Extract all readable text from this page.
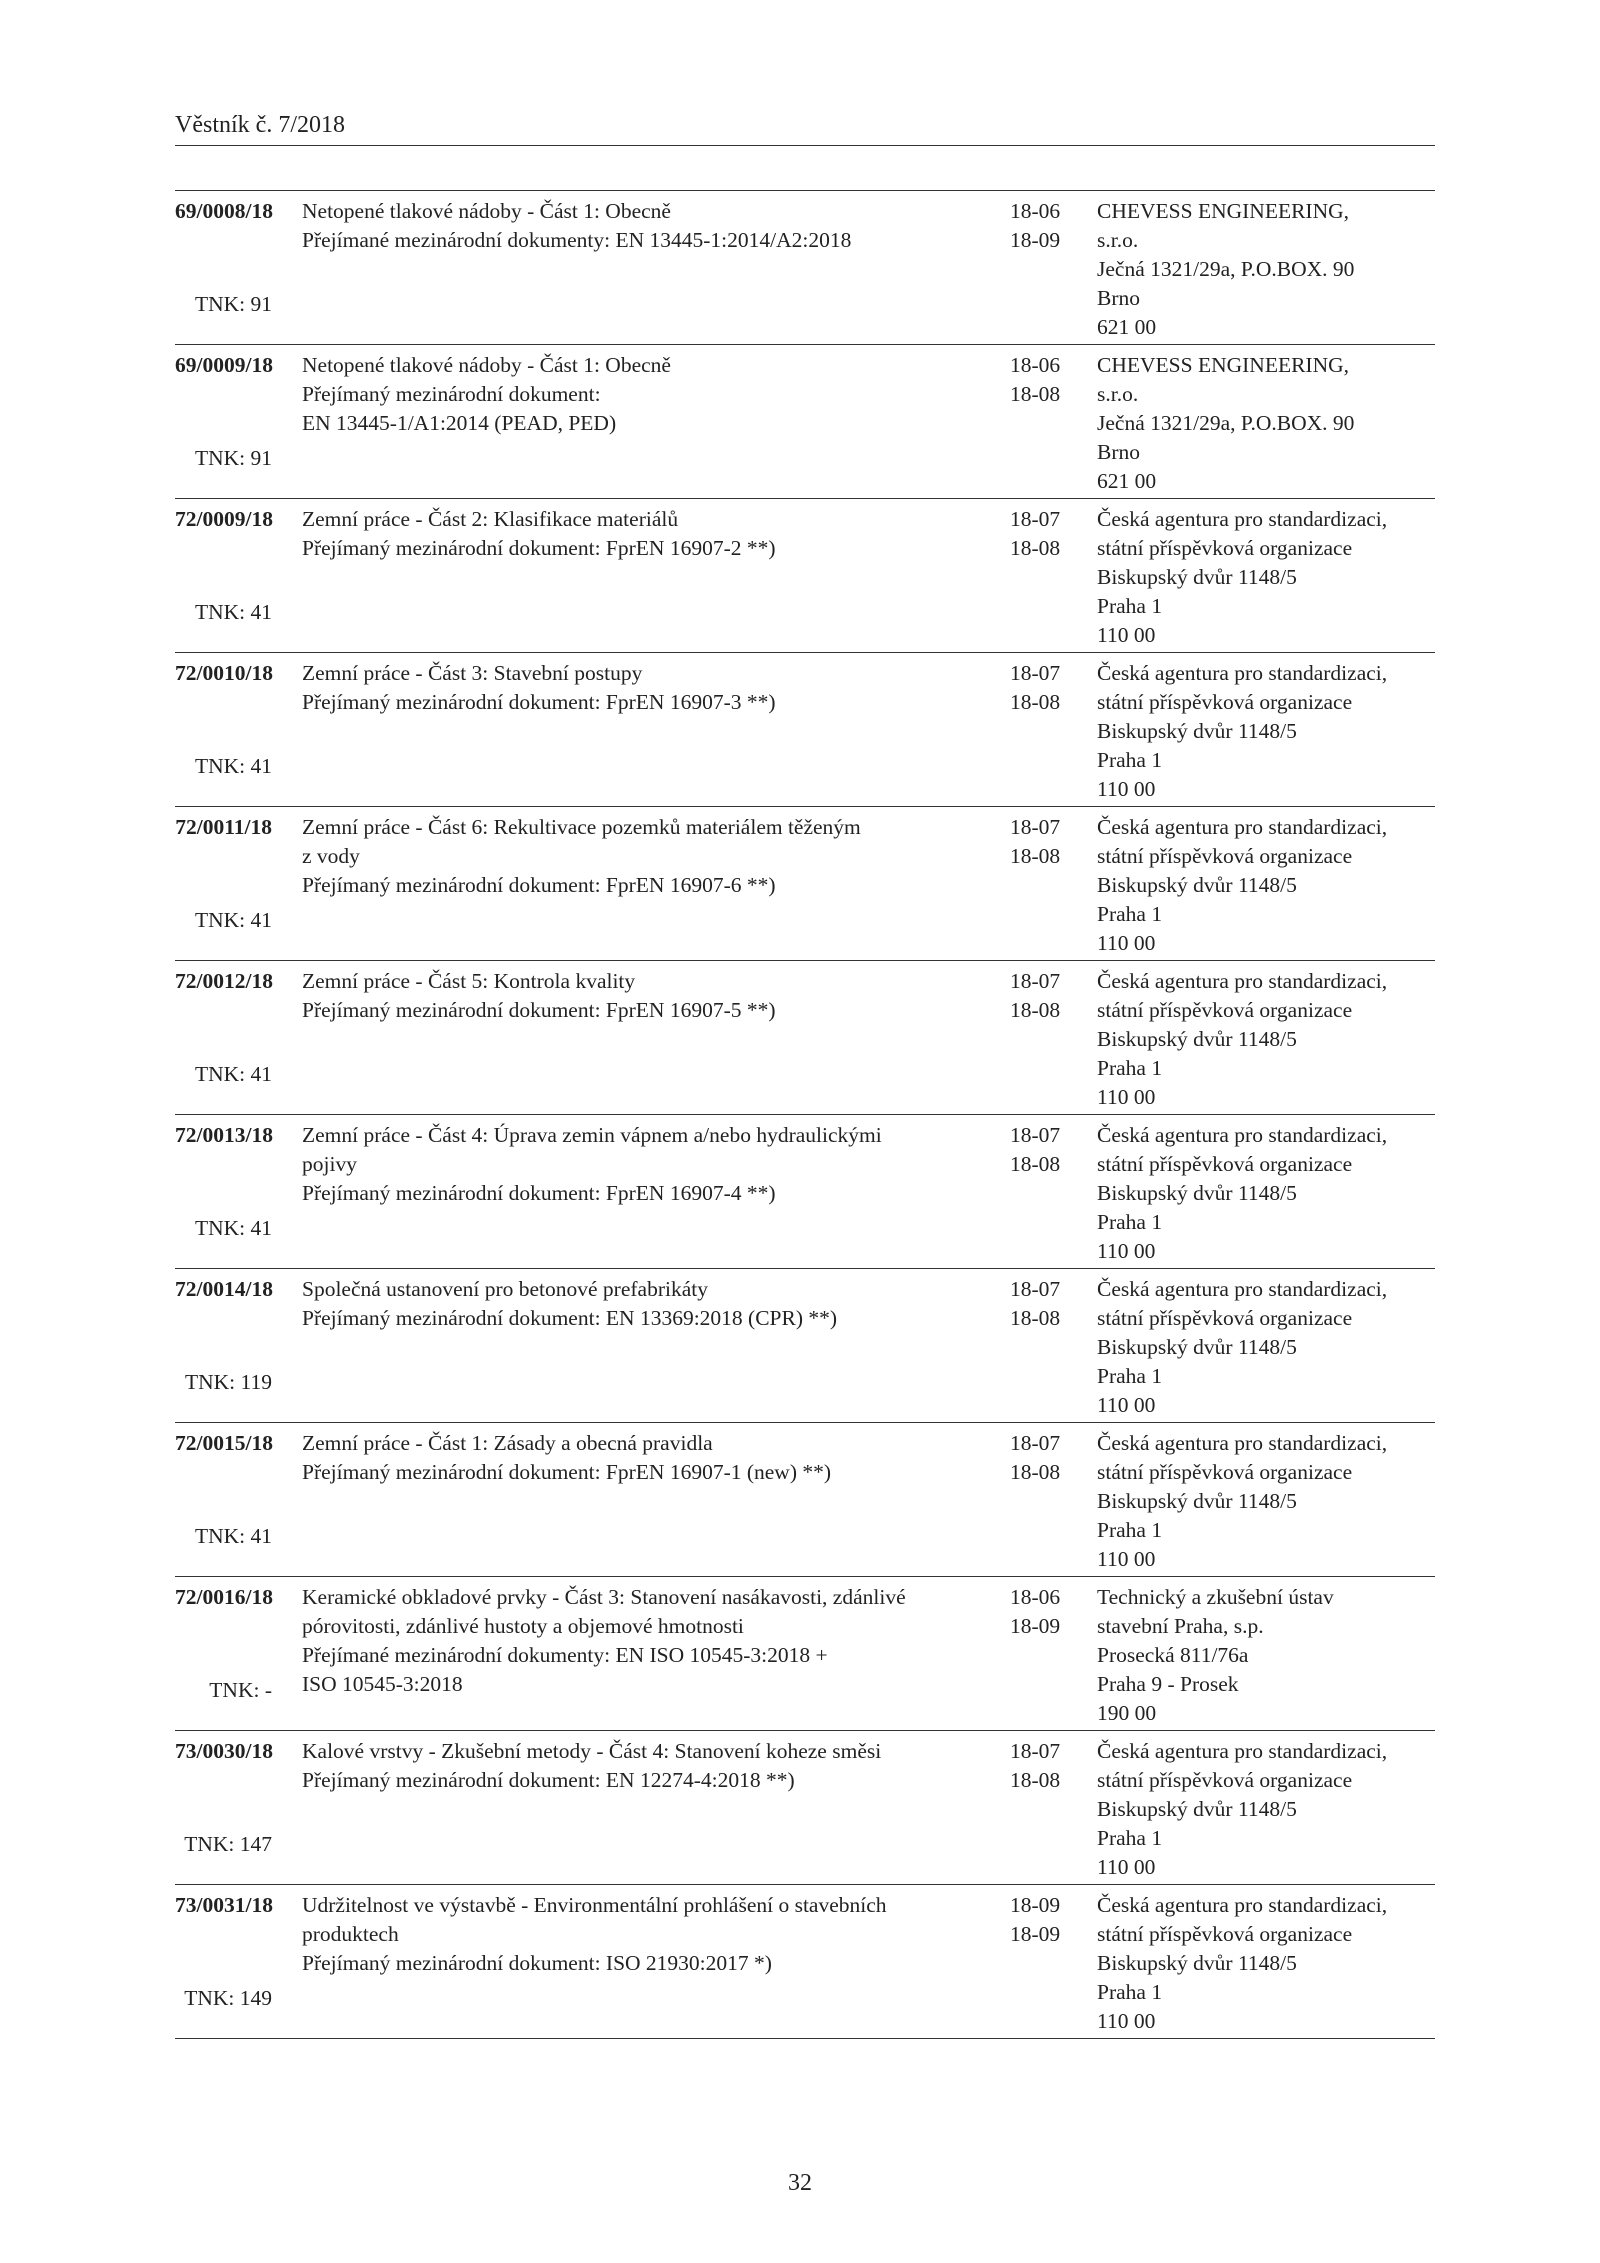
Věstník č. 7/2018
69/0008/18
TNK: 91
Netopené tlakové nádoby - Část 1: Obecně
Přejímané mezinárodní dokumenty: EN 13445-1:2014/A2:2018
18-06
18-09
CHEVESS ENGINEERING,
s.r.o.
Ječná 1321/29a, P.O.BOX. 90
Brno
621 00
69/0009/18
TNK: 91
Netopené tlakové nádoby - Část 1: Obecně
Přejímaný mezinárodní dokument:
EN 13445-1/A1:2014 (PEAD, PED)
18-06
18-08
CHEVESS ENGINEERING,
s.r.o.
Ječná 1321/29a, P.O.BOX. 90
Brno
621 00
72/0009/18
TNK: 41
Zemní práce - Část 2: Klasifikace materiálů
Přejímaný mezinárodní dokument: FprEN 16907-2 **)
18-07
18-08
Česká agentura pro standardizaci,
státní příspěvková organizace
Biskupský dvůr 1148/5
Praha 1
110 00
72/0010/18
TNK: 41
Zemní práce - Část 3: Stavební postupy
Přejímaný mezinárodní dokument: FprEN 16907-3 **)
18-07
18-08
Česká agentura pro standardizaci,
státní příspěvková organizace
Biskupský dvůr 1148/5
Praha 1
110 00
72/0011/18
TNK: 41
Zemní práce - Část 6: Rekultivace pozemků materiálem těženým
z vody
Přejímaný mezinárodní dokument: FprEN 16907-6 **)
18-07
18-08
Česká agentura pro standardizaci,
státní příspěvková organizace
Biskupský dvůr 1148/5
Praha 1
110 00
72/0012/18
TNK: 41
Zemní práce - Část 5: Kontrola kvality
Přejímaný mezinárodní dokument: FprEN 16907-5 **)
18-07
18-08
Česká agentura pro standardizaci,
státní příspěvková organizace
Biskupský dvůr 1148/5
Praha 1
110 00
72/0013/18
TNK: 41
Zemní práce - Část 4: Úprava zemin vápnem a/nebo hydraulickými
pojivy
Přejímaný mezinárodní dokument: FprEN 16907-4 **)
18-07
18-08
Česká agentura pro standardizaci,
státní příspěvková organizace
Biskupský dvůr 1148/5
Praha 1
110 00
72/0014/18
TNK: 119
Společná ustanovení pro betonové prefabrikáty
Přejímaný mezinárodní dokument: EN 13369:2018 (CPR) **)
18-07
18-08
Česká agentura pro standardizaci,
státní příspěvková organizace
Biskupský dvůr 1148/5
Praha 1
110 00
72/0015/18
TNK: 41
Zemní práce - Část 1: Zásady a obecná pravidla
Přejímaný mezinárodní dokument: FprEN 16907-1 (new) **)
18-07
18-08
Česká agentura pro standardizaci,
státní příspěvková organizace
Biskupský dvůr 1148/5
Praha 1
110 00
72/0016/18
TNK: -
Keramické obkladové prvky - Část 3: Stanovení nasákavosti, zdánlivé
pórovitosti, zdánlivé hustoty a objemové hmotnosti
Přejímané mezinárodní dokumenty: EN ISO 10545-3:2018 +
ISO 10545-3:2018
18-06
18-09
Technický a zkušební ústav
stavební Praha, s.p.
Prosecká 811/76a
Praha 9 - Prosek
190 00
73/0030/18
TNK: 147
Kalové vrstvy - Zkušební metody - Část 4: Stanovení koheze směsi
Přejímaný mezinárodní dokument: EN 12274-4:2018 **)
18-07
18-08
Česká agentura pro standardizaci,
státní příspěvková organizace
Biskupský dvůr 1148/5
Praha 1
110 00
73/0031/18
TNK: 149
Udržitelnost ve výstavbě - Environmentální prohlášení o stavebních
produktech
Přejímaný mezinárodní dokument: ISO 21930:2017 *)
18-09
18-09
Česká agentura pro standardizaci,
státní příspěvková organizace
Biskupský dvůr 1148/5
Praha 1
110 00
32
